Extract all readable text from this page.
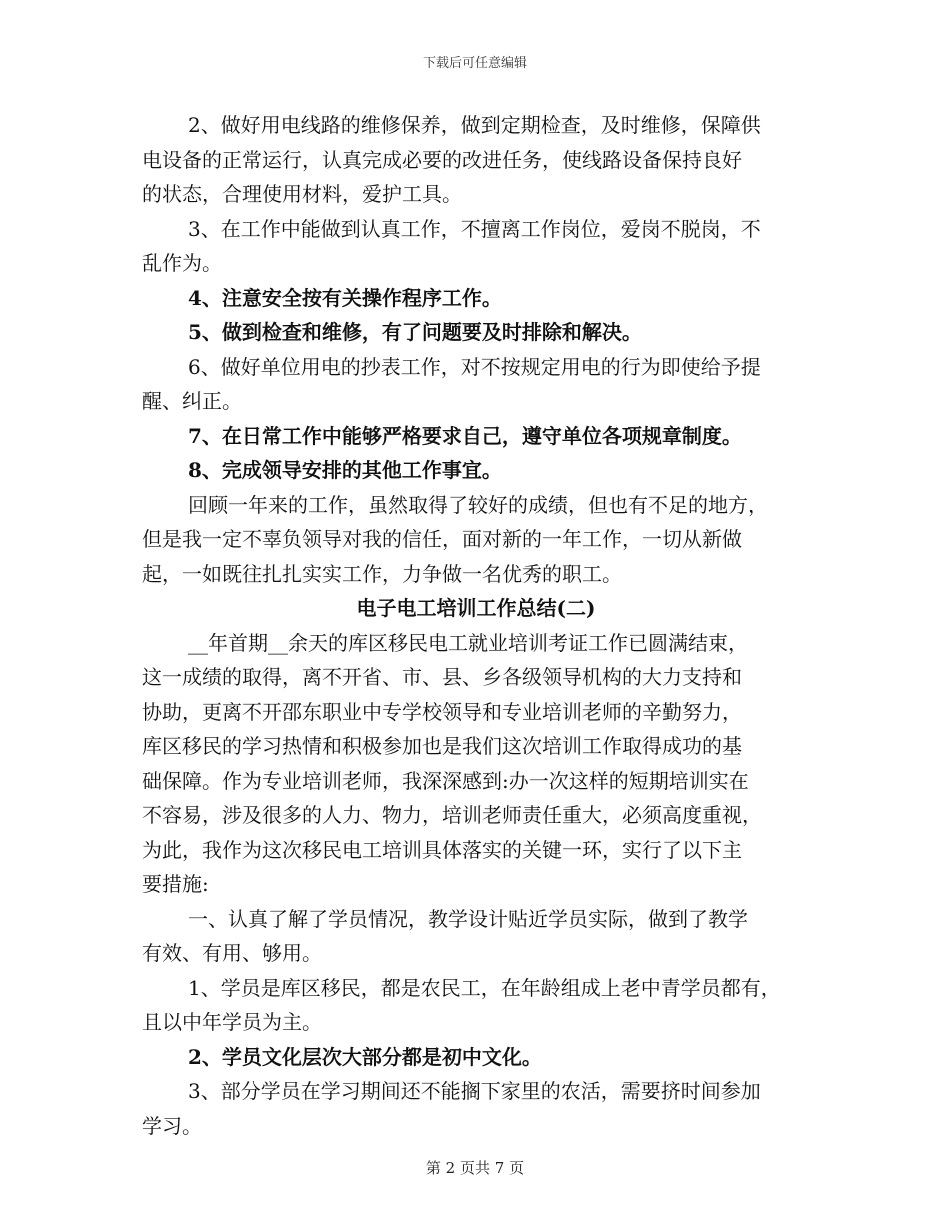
下载后可任意编辑

2、做好用电线路的维修保养，做到定期检查，及时维修，保障供

电设备的正常运行，认真完成必要的改进任务，使线路设备保持良好

的状态，合理使用材料，爱护工具。

3、在工作中能做到认真工作，不擅离工作岗位，爱岗不脱岗，不

乱作为。

4、注意安全按有关操作程序工作。

5、做到检查和维修，有了问题要及时排除和解决。

6、做好单位用电的抄表工作，对不按规定用电的行为即使给予提

醒、纠正。

7、在日常工作中能够严格要求自己，遵守单位各项规章制度。

8、完成领导安排的其他工作事宜。

回顾一年来的工作，虽然取得了较好的成绩，但也有不足的地方，

但是我一定不辜负领导对我的信任，面对新的一年工作，一切从新做

起，一如既往扎扎实实工作，力争做一名优秀的职工。

电子电工培训工作总结(二)

__年首期__余天的库区移民电工就业培训考证工作已圆满结束，

这一成绩的取得，离不开省、市、县、乡各级领导机构的大力支持和

协助，更离不开邵东职业中专学校领导和专业培训老师的辛勤努力，

库区移民的学习热情和积极参加也是我们这次培训工作取得成功的基

础保障。作为专业培训老师，我深深感到:办一次这样的短期培训实在

不容易，涉及很多的人力、物力，培训老师责任重大，必须高度重视，

为此，我作为这次移民电工培训具体落实的关键一环，实行了以下主

要措施:

一、认真了解了学员情况，教学设计贴近学员实际，做到了教学

有效、有用、够用。

1、学员是库区移民，都是农民工，在年龄组成上老中青学员都有，

且以中年学员为主。

2、学员文化层次大部分都是初中文化。

3、部分学员在学习期间还不能搁下家里的农活，需要挤时间参加

学习。

第 2 页共 7 页
